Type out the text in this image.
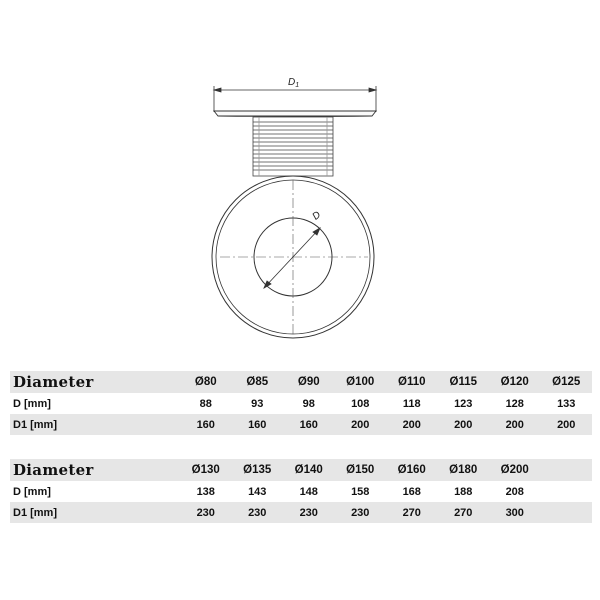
$D_1$
D
Diameter	Ø80	Ø85	Ø90	Ø100	Ø110	Ø115	Ø120	Ø125
D [mm]	88	93	98	108	118	123	128	133
D1 [mm]	160	160	160	200	200	200	200	200
Diameter	Ø130	Ø135	Ø140	Ø150	Ø160	Ø180	Ø200	
D [mm]	138	143	148	158	168	188	208	
D1 [mm]	230	230	230	230	270	270	300	
